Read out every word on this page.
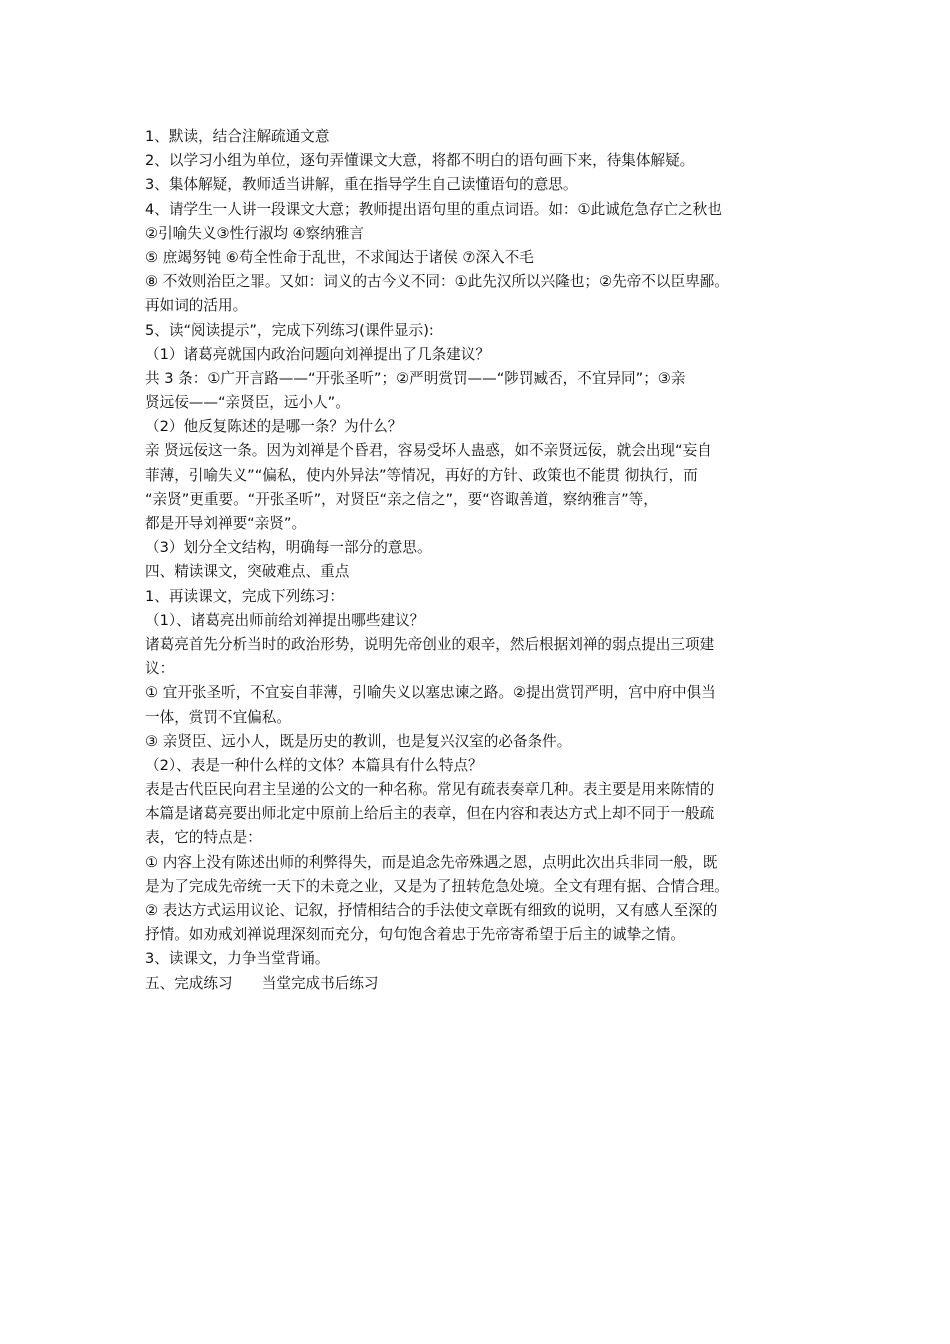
1、默读，结合注解疏通文意
2、以学习小组为单位，逐句弄懂课文大意，将都不明白的语句画下来，待集体解疑。
3、集体解疑，教师适当讲解，重在指导学生自己读懂语句的意思。
4、请学生一人讲一段课文大意；教师提出语句里的重点词语。如：①此诚危急存亡之秋也
②引喻失义③性行淑均 ④察纳雅言
⑤ 庶竭努钝 ⑥苟全性命于乱世，不求闻达于诸侯 ⑦深入不毛
⑧ 不效则治臣之罪。又如：词义的古今义不同：①此先汉所以兴隆也；②先帝不以臣卑鄙。
再如词的活用。
5、读“阅读提示”，完成下列练习(课件显示):
（1）诸葛亮就国内政治问题向刘禅提出了几条建议？
共 3 条：①广开言路——“开张圣听”；②严明赏罚——“陟罚臧否，不宜异同”；③亲
贤远佞——“亲贤臣，远小人”。
（2）他反复陈述的是哪一条？为什么？
亲 贤远佞这一条。因为刘禅是个昏君，容易受坏人蛊惑，如不亲贤远佞，就会出现“妄自
菲薄，引喻失义”“偏私，使内外异法”等情况，再好的方针、政策也不能贯 彻执行，而
“亲贤”更重要。“开张圣听”，对贤臣“亲之信之”，要“咨诹善道，察纳雅言”等，
都是开导刘禅要“亲贤”。
（3）划分全文结构，明确每一部分的意思。
四、精读课文，突破难点、重点
1、再读课文，完成下列练习：
（1）、诸葛亮出师前给刘禅提出哪些建议？
诸葛亮首先分析当时的政治形势，说明先帝创业的艰辛，然后根据刘禅的弱点提出三项建
议：
① 宜开张圣听，不宜妄自菲薄，引喻失义以塞忠谏之路。②提出赏罚严明，宫中府中俱当
一体，赏罚不宜偏私。
③ 亲贤臣、远小人，既是历史的教训，也是复兴汉室的必备条件。
（2）、表是一种什么样的文体？本篇具有什么特点？
表是古代臣民向君主呈递的公文的一种名称。常见有疏表奏章几种。表主要是用来陈情的
本篇是诸葛亮要出师北定中原前上给后主的表章，但在内容和表达方式上却不同于一般疏
表，它的特点是：
① 内容上没有陈述出师的利弊得失，而是追念先帝殊遇之恩，点明此次出兵非同一般，既
是为了完成先帝统一天下的未竟之业，又是为了扭转危急处境。全文有理有据、合情合理。
② 表达方式运用议论、记叙，抒情相结合的手法使文章既有细致的说明，又有感人至深的
抒情。如劝戒刘禅说理深刻而充分，句句饱含着忠于先帝寄希望于后主的诚挚之情。
3、读课文，力争当堂背诵。
五、完成练习　　当堂完成书后练习
